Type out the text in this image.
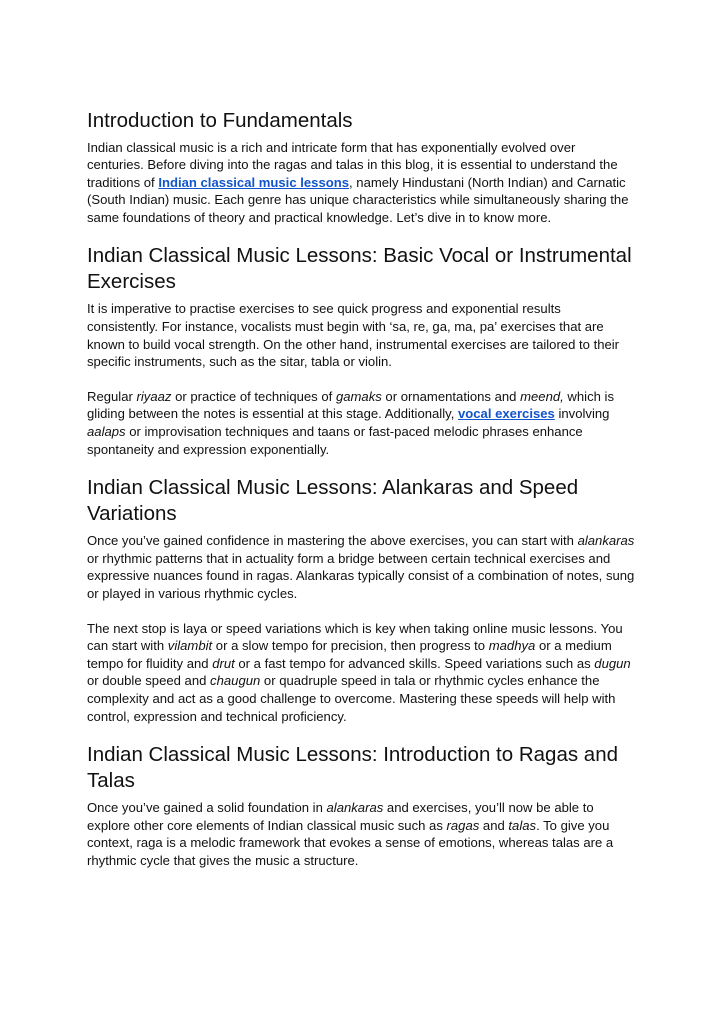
Introduction to Fundamentals

Indian classical music is a rich and intricate form that has exponentially evolved over centuries. Before diving into the ragas and talas in this blog, it is essential to understand the traditions of Indian classical music lessons, namely Hindustani (North Indian) and Carnatic (South Indian) music. Each genre has unique characteristics while simultaneously sharing the same foundations of theory and practical knowledge. Let’s dive in to know more.

Indian Classical Music Lessons: Basic Vocal or Instrumental Exercises

It is imperative to practise exercises to see quick progress and exponential results consistently. For instance, vocalists must begin with ‘sa, re, ga, ma, pa’ exercises that are known to build vocal strength. On the other hand, instrumental exercises are tailored to their specific instruments, such as the sitar, tabla or violin.

Regular riyaaz or practice of techniques of gamaks or ornamentations and meend, which is gliding between the notes is essential at this stage. Additionally, vocal exercises involving aalaps or improvisation techniques and taans or fast-paced melodic phrases enhance spontaneity and expression exponentially.

Indian Classical Music Lessons: Alankaras and Speed Variations

Once you’ve gained confidence in mastering the above exercises, you can start with alankaras or rhythmic patterns that in actuality form a bridge between certain technical exercises and expressive nuances found in ragas. Alankaras typically consist of a combination of notes, sung or played in various rhythmic cycles.

The next stop is laya or speed variations which is key when taking online music lessons. You can start with vilambit or a slow tempo for precision, then progress to madhya or a medium tempo for fluidity and drut or a fast tempo for advanced skills. Speed variations such as dugun or double speed and chaugun or quadruple speed in tala or rhythmic cycles enhance the complexity and act as a good challenge to overcome. Mastering these speeds will help with control, expression and technical proficiency.

Indian Classical Music Lessons: Introduction to Ragas and Talas

Once you’ve gained a solid foundation in alankaras and exercises, you’ll now be able to explore other core elements of Indian classical music such as ragas and talas. To give you context, raga is a melodic framework that evokes a sense of emotions, whereas talas are a rhythmic cycle that gives the music a structure.
